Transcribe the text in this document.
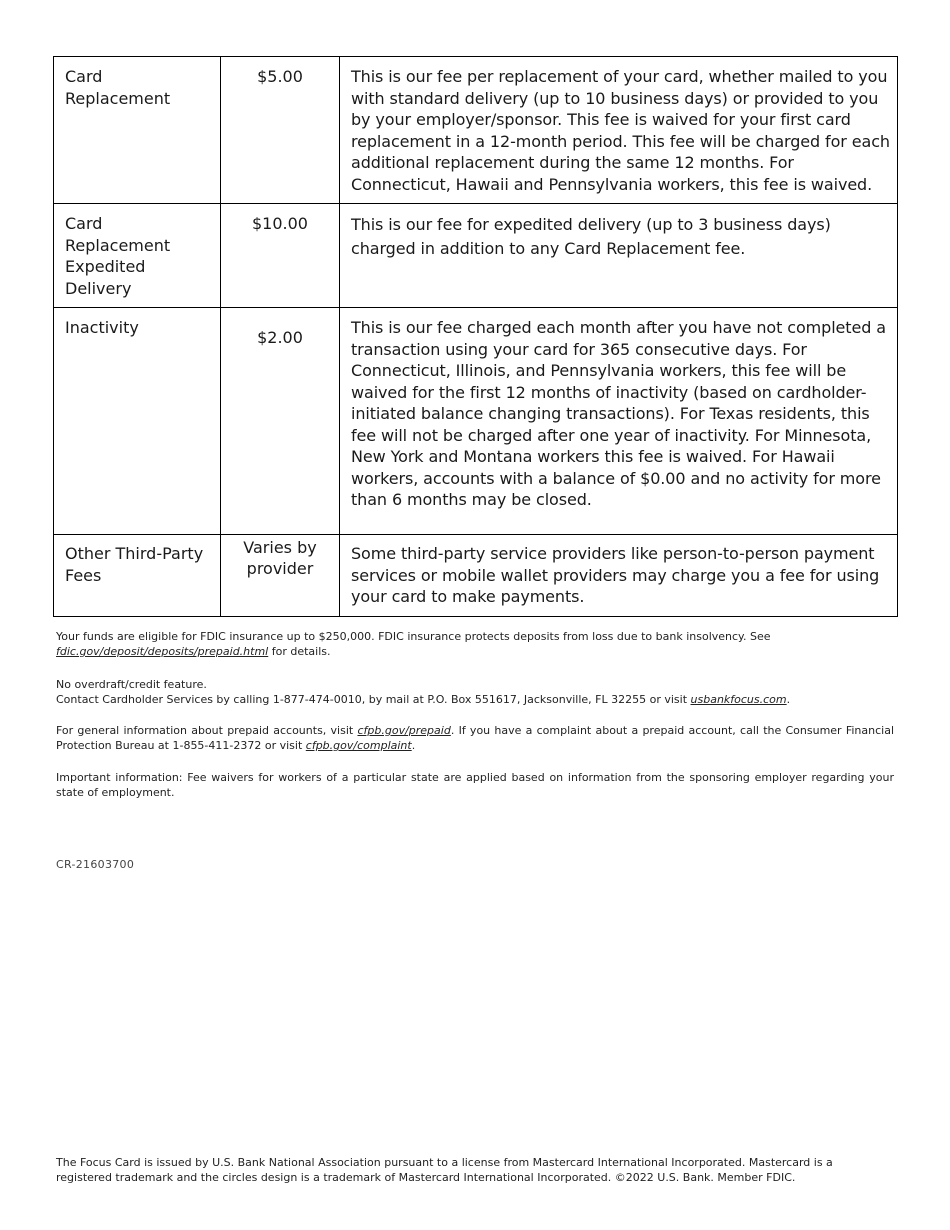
Card Replacement	$5.00	This is our fee per replacement of your card, whether mailed to you with standard delivery (up to 10 business days) or provided to you by your employer/sponsor. This fee is waived for your first card replacement in a 12-month period. This fee will be charged for each additional replacement during the same 12 months. For Connecticut, Hawaii and Pennsylvania workers, this fee is waived.
Card Replacement Expedited Delivery	$10.00	This is our fee for expedited delivery (up to 3 business days) charged in addition to any Card Replacement fee.
Inactivity	$2.00	This is our fee charged each month after you have not completed a transaction using your card for 365 consecutive days. For Connecticut, Illinois, and Pennsylvania workers, this fee will be waived for the first 12 months of inactivity (based on cardholder-initiated balance changing transactions). For Texas residents, this fee will not be charged after one year of inactivity. For Minnesota, New York and Montana workers this fee is waived. For Hawaii workers, accounts with a balance of $0.00 and no activity for more than 6 months may be closed.
Other Third-Party Fees	Varies by provider	Some third-party service providers like person-to-person payment services or mobile wallet providers may charge you a fee for using your card to make payments.
Your funds are eligible for FDIC insurance up to $250,000. FDIC insurance protects deposits from loss due to bank insolvency. See fdic.gov/deposit/deposits/prepaid.html for details.

No overdraft/credit feature.

Contact Cardholder Services by calling 1-877-474-0010, by mail at P.O. Box 551617, Jacksonville, FL 32255 or visit usbankfocus.com.

For general information about prepaid accounts, visit cfpb.gov/prepaid. If you have a complaint about a prepaid account, call the Consumer Financial Protection Bureau at 1-855-411-2372 or visit cfpb.gov/complaint.
Important information: Fee waivers for workers of a particular state are applied based on information from the sponsoring employer regarding your state of employment.
CR-21603700
The Focus Card is issued by U.S. Bank National Association pursuant to a license from Mastercard International Incorporated. Mastercard is a registered trademark and the circles design is a trademark of Mastercard International Incorporated. ©2022 U.S. Bank. Member FDIC.
